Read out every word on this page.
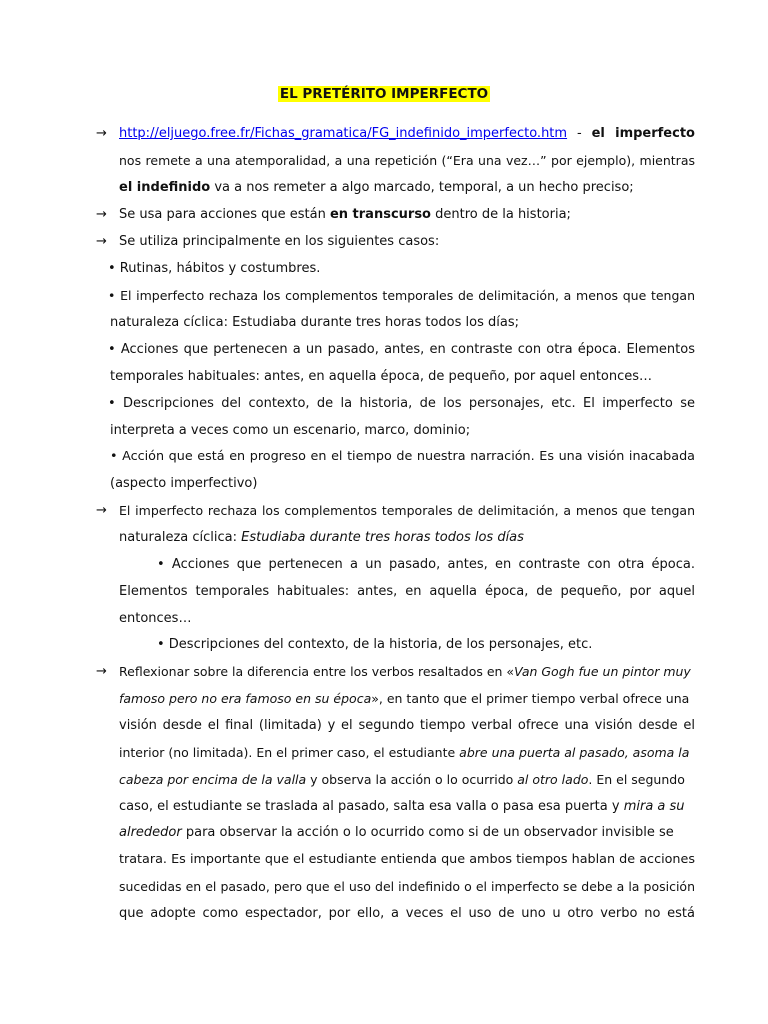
EL PRETÉRITO IMPERFECTO
→ http://eljuego.free.fr/Fichas_gramatica/FG_indefinido_imperfecto.htm - el imperfecto
nos remete a una atemporalidad, a una repetición (“Era una vez…” por ejemplo), mientras
el indefinido va a nos remeter a algo marcado, temporal, a un hecho preciso;
→ Se usa para acciones que están en transcurso dentro de la historia;
→ Se utiliza principalmente en los siguientes casos:
• Rutinas, hábitos y costumbres.
• El imperfecto rechaza los complementos temporales de delimitación, a menos que tengan
naturaleza cíclica: Estudiaba durante tres horas todos los días;
• Acciones que pertenecen a un pasado, antes, en contraste con otra época. Elementos
temporales habituales: antes, en aquella época, de pequeño, por aquel entonces…
• Descripciones del contexto, de la historia, de los personajes, etc. El imperfecto se
interpreta a veces como un escenario, marco, dominio;
• Acción que está en progreso en el tiempo de nuestra narración. Es una visión inacabada
(aspecto imperfectivo)
→ El imperfecto rechaza los complementos temporales de delimitación, a menos que tengan
naturaleza cíclica: Estudiaba durante tres horas todos los días
• Acciones que pertenecen a un pasado, antes, en contraste con otra época.
Elementos temporales habituales: antes, en aquella época, de pequeño, por aquel
entonces…
• Descripciones del contexto, de la historia, de los personajes, etc.
→ Reflexionar sobre la diferencia entre los verbos resaltados en «Van Gogh fue un pintor muy
famoso pero no era famoso en su época», en tanto que el primer tiempo verbal ofrece una
visión desde el final (limitada) y el segundo tiempo verbal ofrece una visión desde el
interior (no limitada). En el primer caso, el estudiante abre una puerta al pasado, asoma la
cabeza por encima de la valla y observa la acción o lo ocurrido al otro lado. En el segundo
caso, el estudiante se traslada al pasado, salta esa valla o pasa esa puerta y mira a su
alrededor para observar la acción o lo ocurrido como si de un observador invisible se
tratara. Es importante que el estudiante entienda que ambos tiempos hablan de acciones
sucedidas en el pasado, pero que el uso del indefinido o el imperfecto se debe a la posición
que adopte como espectador, por ello, a veces el uso de uno u otro verbo no está
